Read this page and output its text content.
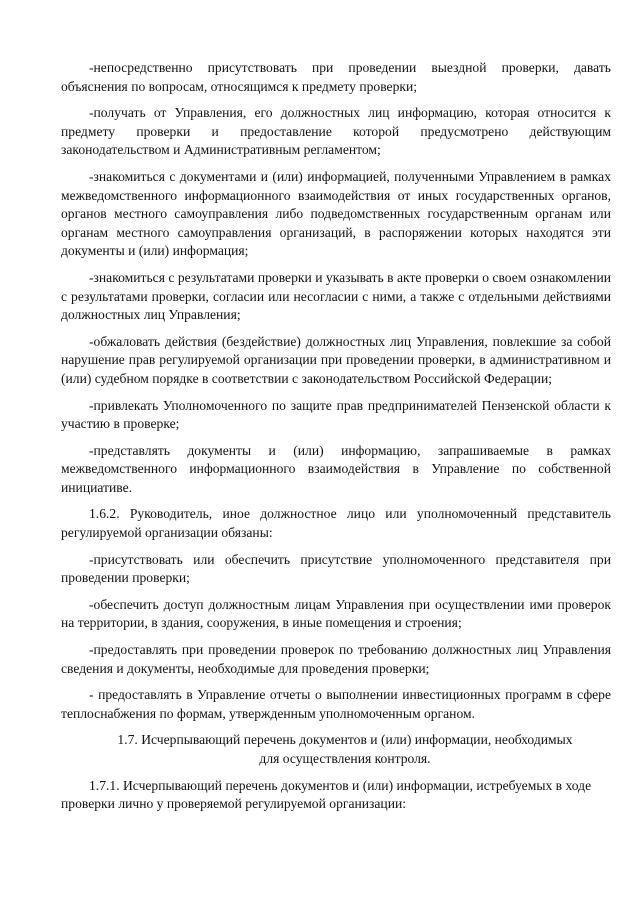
-непосредственно присутствовать при проведении выездной проверки, давать объяснения по вопросам, относящимся к предмету проверки;

-получать от Управления, его должностных лиц информацию, которая относится к предмету проверки и предоставление которой предусмотрено действующим законодательством и Административным регламентом;

-знакомиться с документами и (или) информацией, полученными Управлением в рамках межведомственного информационного взаимодействия от иных государственных органов, органов местного самоуправления либо подведомственных государственным органам или органам местного самоуправления организаций, в распоряжении которых находятся эти документы и (или) информация;

-знакомиться с результатами проверки и указывать в акте проверки о своем ознакомлении с результатами проверки, согласии или несогласии с ними, а также с отдельными действиями должностных лиц Управления;

-обжаловать действия (бездействие) должностных лиц Управления, повлекшие за собой нарушение прав регулируемой организации при проведении проверки, в административном и (или) судебном порядке в соответствии с законодательством Российской Федерации;

-привлекать Уполномоченного по защите прав предпринимателей Пензенской области к участию в проверке;

-представлять документы и (или) информацию, запрашиваемые в рамках межведомственного информационного взаимодействия в Управление по собственной инициативе.

1.6.2. Руководитель, иное должностное лицо или уполномоченный представитель регулируемой организации обязаны:

-присутствовать или обеспечить присутствие уполномоченного представителя при проведении проверки;

-обеспечить доступ должностным лицам Управления при осуществлении ими проверок на территории, в здания, сооружения, в иные помещения и строения;

-предоставлять при проведении проверок по требованию должностных лиц Управления сведения и документы, необходимые для проведения проверки;

- предоставлять в Управление отчеты о выполнении инвестиционных программ в сфере теплоснабжения по формам, утвержденным уполномоченным органом.

1.7. Исчерпывающий перечень документов и (или) информации, необходимых
для осуществления контроля.

1.7.1. Исчерпывающий перечень документов и (или) информации, истребуемых в ходе проверки лично у проверяемой регулируемой организации:
